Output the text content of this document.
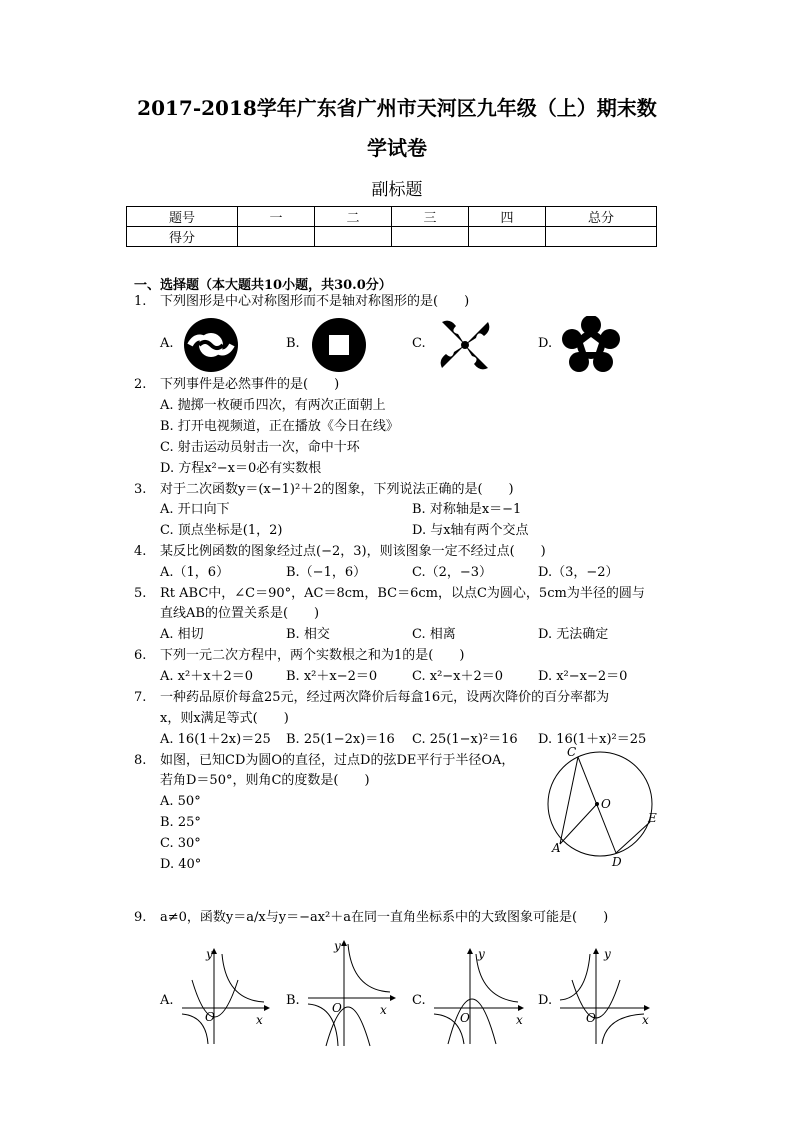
2017-2018学年广东省广州市天河区九年级（上）期末数
学试卷
副标题
题号	一	二	三	四	总分
得分					
一、选择题（本大题共10小题，共30.0分）
1. 下列图形是中心对称图形而不是轴对称图形的是(　　)
A.	B.	C.	D.
2. 下列事件是必然事件的是(　　)
A. 抛掷一枚硬币四次，有两次正面朝上
B. 打开电视频道，正在播放《今日在线》
C. 射击运动员射击一次，命中十环
D. 方程x²−x＝0必有实数根
3. 对于二次函数y＝(x−1)²＋2的图象，下列说法正确的是(　　)
A. 开口向下	B. 对称轴是x＝−1
C. 顶点坐标是(1，2)	D. 与x轴有两个交点
4. 某反比例函数的图象经过点(−2，3)，则该图象一定不经过点(　　)
A.（1，6）	B.（−1，6）	C.（2，−3）	D.（3，−2）
5. Rt ABC中，∠C＝90°，AC＝8cm，BC＝6cm，以点C为圆心，5cm为半径的圆与
直线AB的位置关系是(　　)
A. 相切	B. 相交	C. 相离	D. 无法确定
6. 下列一元二次方程中，两个实数根之和为1的是(　　)
A. x²＋x＋2＝0	B. x²＋x−2＝0	C. x²−x＋2＝0	D. x²−x−2＝0
7. 一种药品原价每盒25元，经过两次降价后每盒16元，设两次降价的百分率都为
x，则x满足等式(　　)
A. 16(1＋2x)＝25 B. 25(1−2x)＝16 C. 25(1−x)²＝16 D. 16(1＋x)²＝25
8. 如图，已知CD为圆O的直径，过点D的弦DE平行于半径OA，
若角D＝50°，则角C的度数是(　　)
A. 50°
B. 25°
C. 30°
D. 40°
C
O
E
A
D
9. a≠0，函数y＝a/x与y＝−ax²＋a在同一直角坐标系中的大致图象可能是(　　)
A.	B.	C.	D.
y
x
O
y
x
O
y
x
O
y
x
O
